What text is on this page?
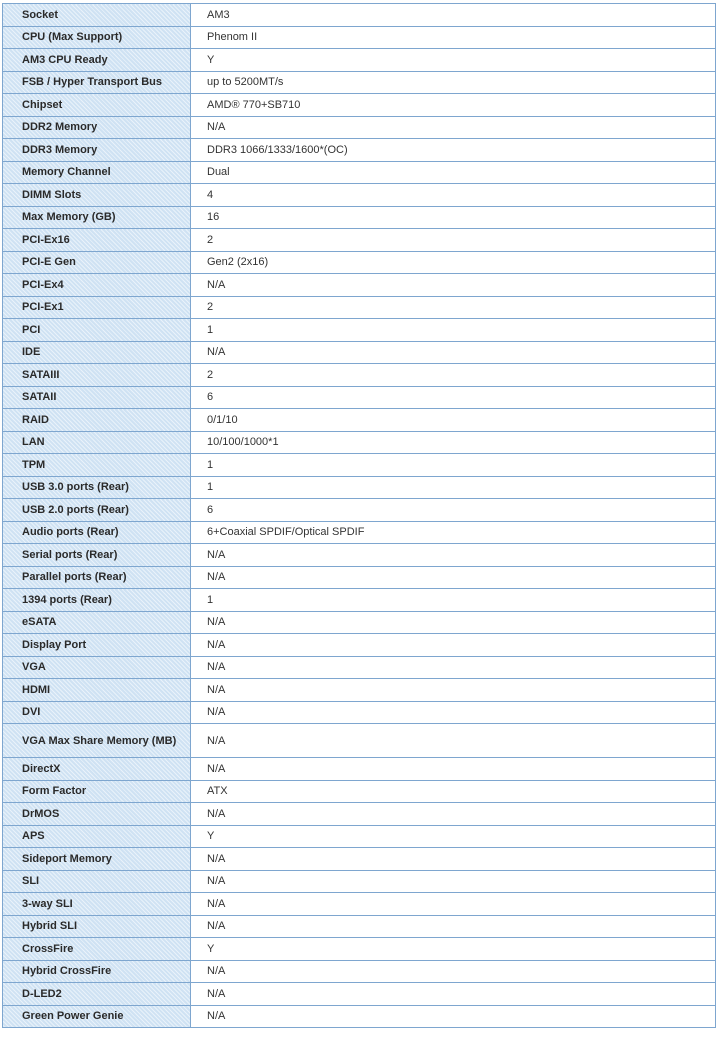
Socket	AM3
CPU (Max Support)	Phenom II
AM3 CPU Ready	Y
FSB / Hyper Transport Bus	up to 5200MT/s
Chipset	AMD® 770+SB710
DDR2 Memory	N/A
DDR3 Memory	DDR3 1066/1333/1600*(OC)
Memory Channel	Dual
DIMM Slots	4
Max Memory (GB)	16
PCI-Ex16	2
PCI-E Gen	Gen2 (2x16)
PCI-Ex4	N/A
PCI-Ex1	2
PCI	1
IDE	N/A
SATAIII	2
SATAII	6
RAID	0/1/10
LAN	10/100/1000*1
TPM	1
USB 3.0 ports (Rear)	1
USB 2.0 ports (Rear)	6
Audio ports (Rear)	6+Coaxial SPDIF/Optical SPDIF
Serial ports (Rear)	N/A
Parallel ports (Rear)	N/A
1394 ports (Rear)	1
eSATA	N/A
Display Port	N/A
VGA	N/A
HDMI	N/A
DVI	N/A
VGA Max Share Memory (MB)	N/A
DirectX	N/A
Form Factor	ATX
DrMOS	N/A
APS	Y
Sideport Memory	N/A
SLI	N/A
3-way SLI	N/A
Hybrid SLI	N/A
CrossFire	Y
Hybrid CrossFire	N/A
D-LED2	N/A
Green Power Genie	N/A
